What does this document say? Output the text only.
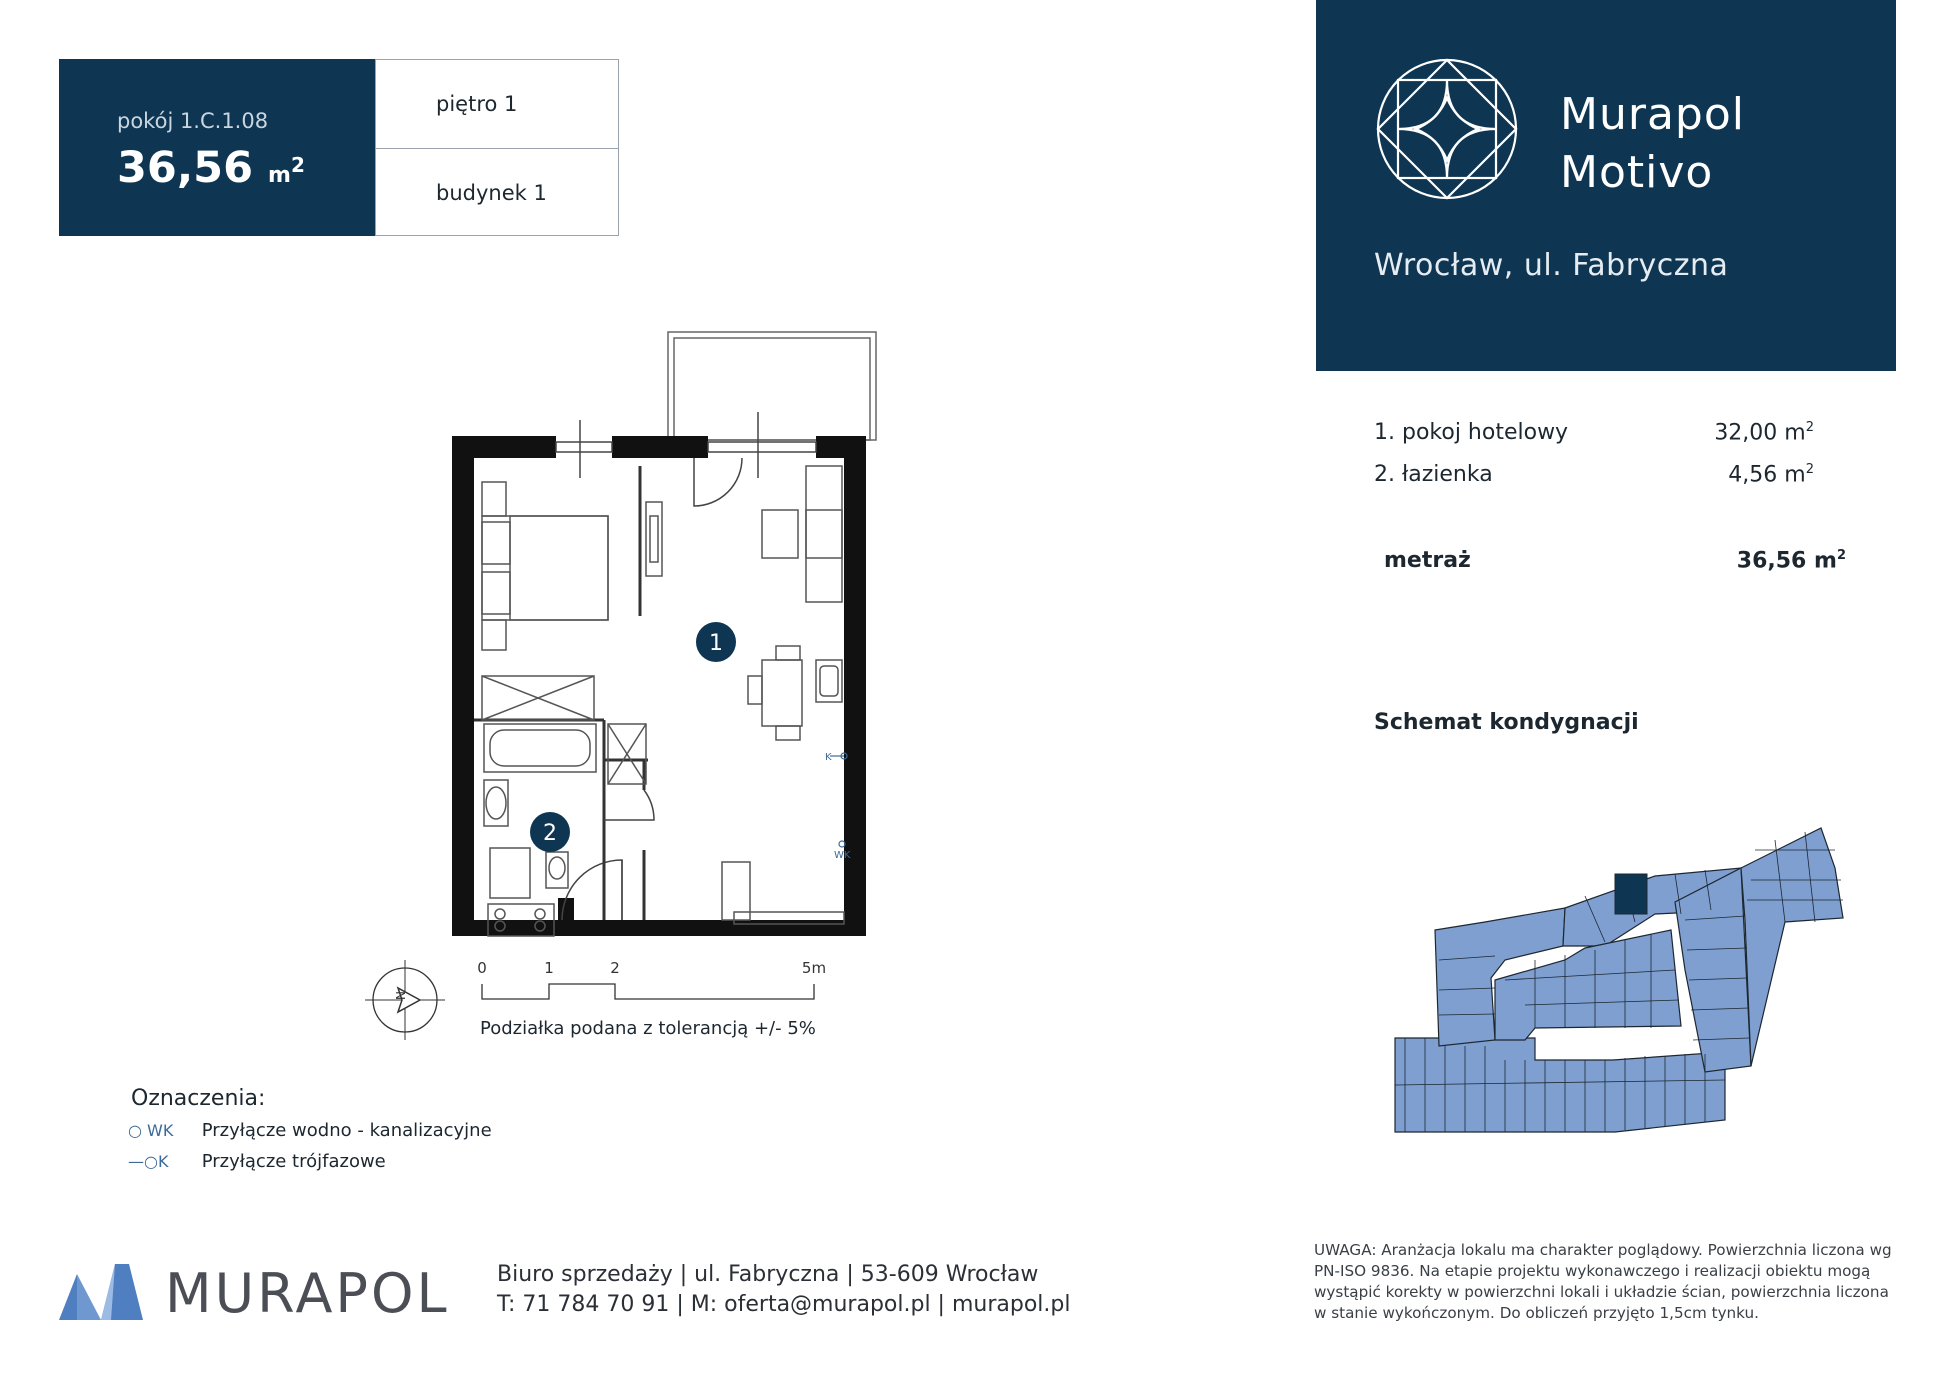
pokój 1.C.1.08
36,56 $m^2$
piętro 1
budynek 1
Murapol
Motivo
Wrocław, ul. Fabryczna
1. pokoj hotelowy	32,00 $m^2$
2. łazienka	4,56 $m^2$
metraż	36,56 $m^2$
Schemat kondygnacji
K
WK
1
2
N
0	1	2	5m
Podziałka podana z tolerancją +/- 5%
Oznaczenia:
○ WK Przyłącze wodno - kanalizacyjne
—○K Przyłącze trójfazowe
MURAPOL Biuro sprzedaży | ul. Fabryczna | 53-609 Wrocław
T: 71 784 70 91 | M: oferta@murapol.pl | murapol.pl
UWAGA: Aranżacja lokalu ma charakter poglądowy. Powierzchnia liczona wg PN-ISO 9836. Na etapie projektu wykonawczego i realizacji obiektu mogą wystąpić korekty w powierzchni lokali i układzie ścian, powierzchnia liczona w stanie wykończonym. Do obliczeń przyjęto 1,5cm tynku.
